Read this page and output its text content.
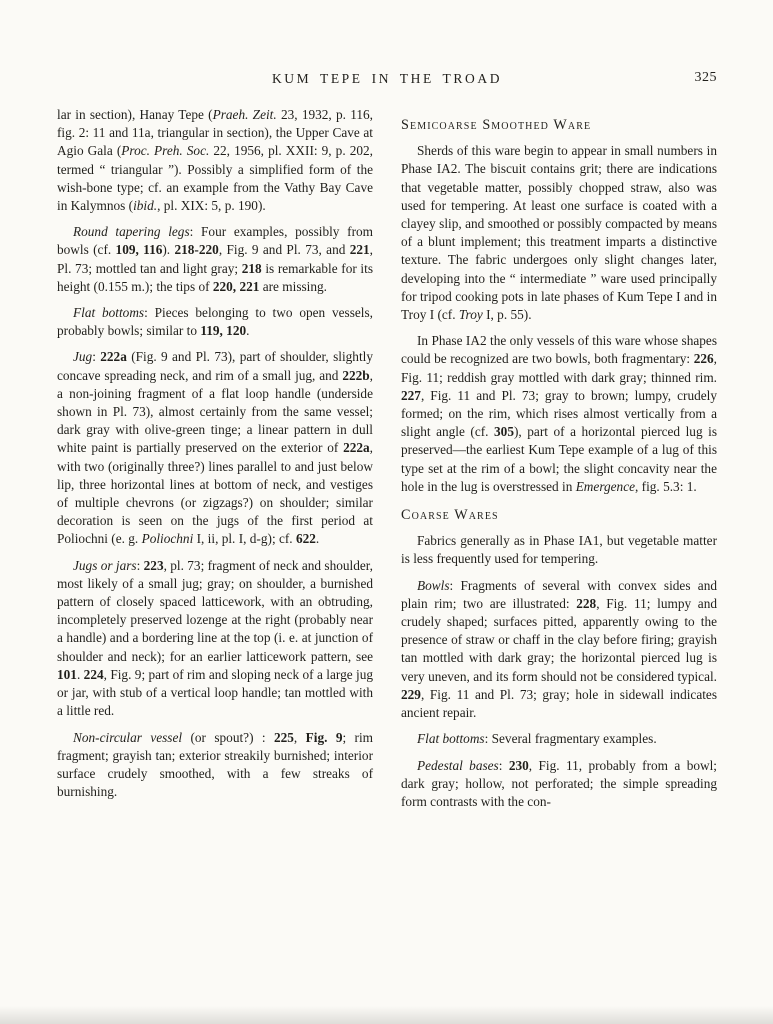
KUM TEPE IN THE TROAD	325

lar in section), Hanay Tepe (Praeh. Zeit. 23, 1932, p. 116, fig. 2: 11 and 11a, triangular in section), the Upper Cave at Agio Gala (Proc. Preh. Soc. 22, 1956, pl. XXII: 9, p. 202, termed “ triangular ”). Possibly a simplified form of the wish-bone type; cf. an example from the Vathy Bay Cave in Kalymnos (ibid., pl. XIX: 5, p. 190).

Round tapering legs: Four examples, possibly from bowls (cf. 109, 116). 218-220, Fig. 9 and Pl. 73, and 221, Pl. 73; mottled tan and light gray; 218 is remarkable for its height (0.155 m.); the tips of 220, 221 are missing.

Flat bottoms: Pieces belonging to two open vessels, probably bowls; similar to 119, 120.

Jug: 222a (Fig. 9 and Pl. 73), part of shoulder, slightly concave spreading neck, and rim of a small jug, and 222b, a non-joining fragment of a flat loop handle (underside shown in Pl. 73), almost certainly from the same vessel; dark gray with olive-green tinge; a linear pattern in dull white paint is partially preserved on the exterior of 222a, with two (originally three?) lines parallel to and just below lip, three horizontal lines at bottom of neck, and vestiges of multiple chevrons (or zigzags?) on shoulder; similar decoration is seen on the jugs of the first period at Poliochni (e. g. Poliochni I, ii, pl. I, d-g); cf. 622.

Jugs or jars: 223, pl. 73; fragment of neck and shoulder, most likely of a small jug; gray; on shoulder, a burnished pattern of closely spaced latticework, with an obtruding, incompletely preserved lozenge at the right (probably near a handle) and a bordering line at the top (i. e. at junction of shoulder and neck); for an earlier latticework pattern, see 101. 224, Fig. 9; part of rim and sloping neck of a large jug or jar, with stub of a vertical loop handle; tan mottled with a little red.

Non-circular vessel (or spout?) : 225, Fig. 9; rim fragment; grayish tan; exterior streakily burnished; interior surface crudely smoothed, with a few streaks of burnishing.

Semicoarse Smoothed Ware

Sherds of this ware begin to appear in small numbers in Phase IA2. The biscuit contains grit; there are indications that vegetable matter, possibly chopped straw, also was used for tempering. At least one surface is coated with a clayey slip, and smoothed or possibly compacted by means of a blunt implement; this treatment imparts a distinctive texture. The fabric undergoes only slight changes later, developing into the “ intermediate ” ware used principally for tripod cooking pots in late phases of Kum Tepe I and in Troy I (cf. Troy I, p. 55).

In Phase IA2 the only vessels of this ware whose shapes could be recognized are two bowls, both fragmentary: 226, Fig. 11; reddish gray mottled with dark gray; thinned rim. 227, Fig. 11 and Pl. 73; gray to brown; lumpy, crudely formed; on the rim, which rises almost vertically from a slight angle (cf. 305), part of a horizontal pierced lug is preserved—the earliest Kum Tepe example of a lug of this type set at the rim of a bowl; the slight concavity near the hole in the lug is overstressed in Emergence, fig. 5.3: 1.

Coarse Wares

Fabrics generally as in Phase IA1, but vegetable matter is less frequently used for tempering.

Bowls: Fragments of several with convex sides and plain rim; two are illustrated: 228, Fig. 11; lumpy and crudely shaped; surfaces pitted, apparently owing to the presence of straw or chaff in the clay before firing; grayish tan mottled with dark gray; the horizontal pierced lug is very uneven, and its form should not be considered typical. 229, Fig. 11 and Pl. 73; gray; hole in sidewall indicates ancient repair.

Flat bottoms: Several fragmentary examples.

Pedestal bases: 230, Fig. 11, probably from a bowl; dark gray; hollow, not perforated; the simple spreading form contrasts with the con-
